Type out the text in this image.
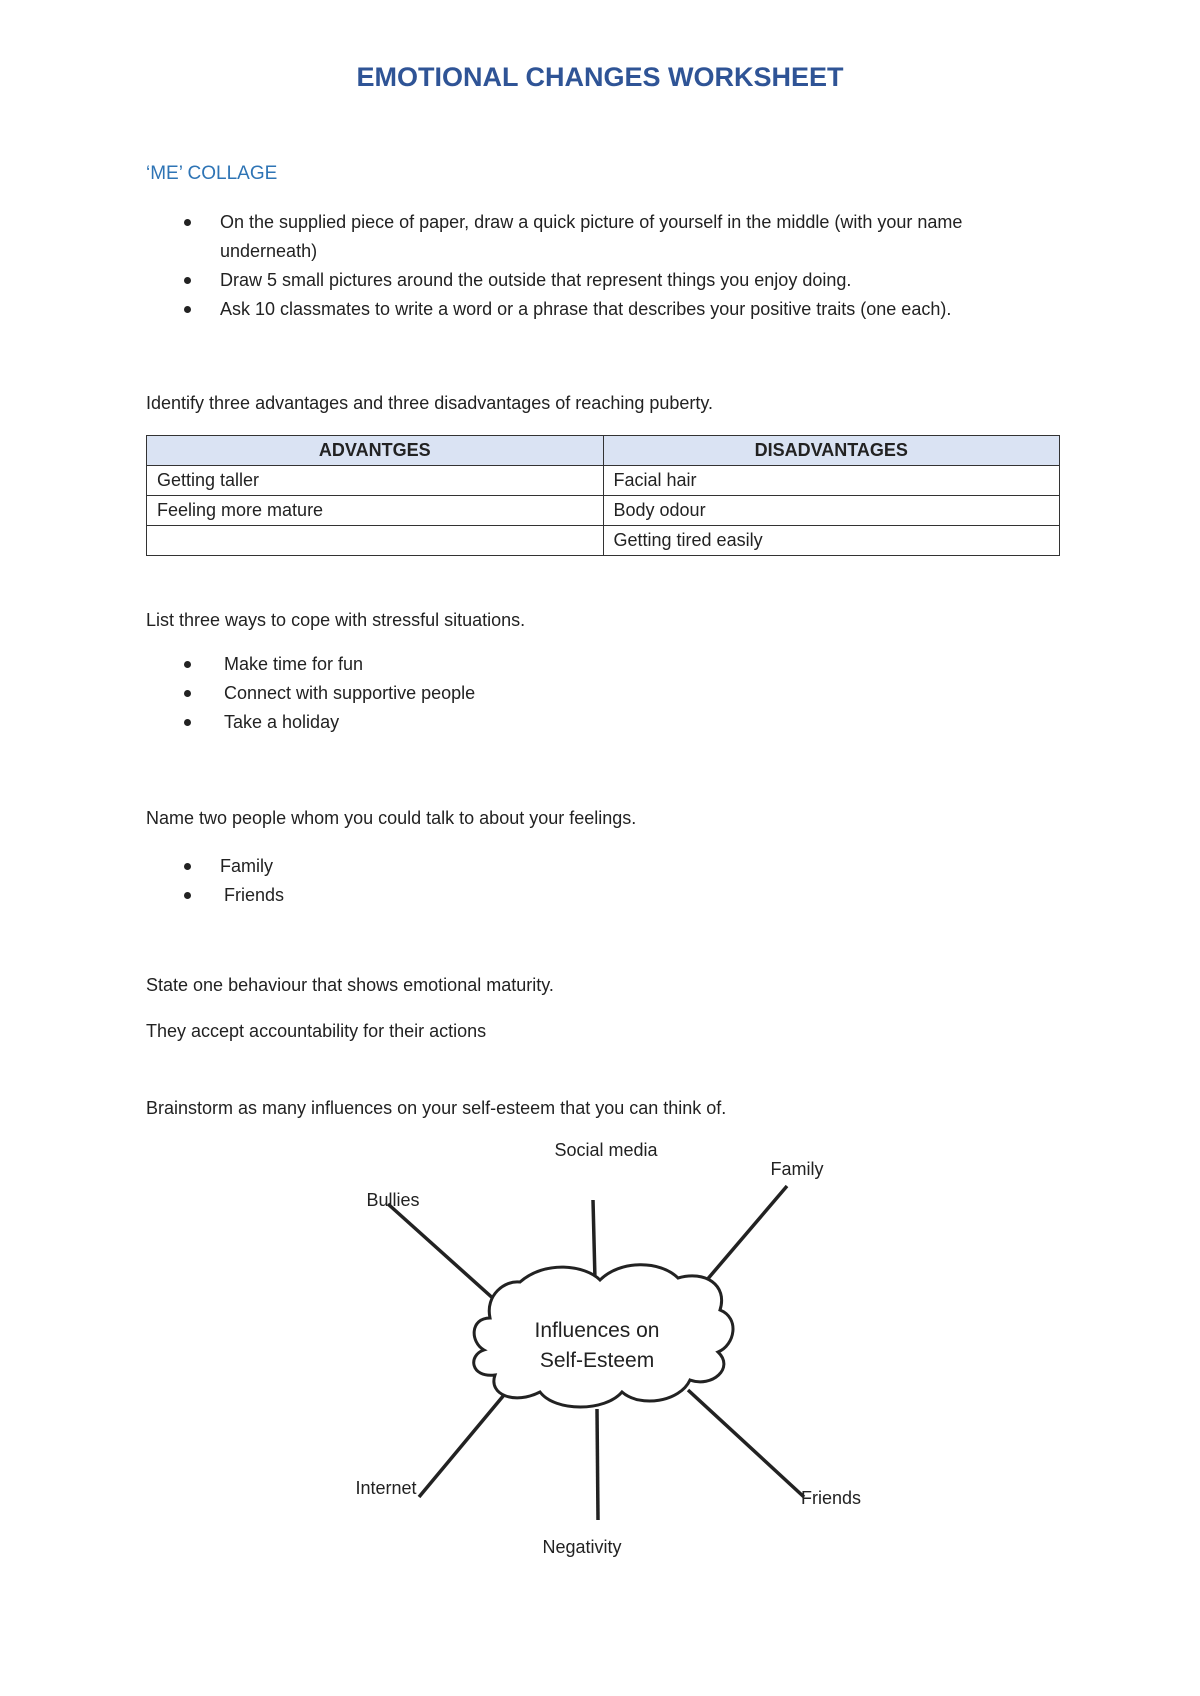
EMOTIONAL CHANGES WORKSHEET
‘ME’ COLLAGE
On the supplied piece of paper, draw a quick picture of yourself in the middle (with your name
underneath)
Draw 5 small pictures around the outside that represent things you enjoy doing.
Ask 10 classmates to write a word or a phrase that describes your positive traits (one each).
Identify three advantages and three disadvantages of reaching puberty.
ADVANTGES	DISADVANTAGES
Getting taller	Facial hair
Feeling more mature	Body odour
	Getting tired easily
List three ways to cope with stressful situations.
Make time for fun
Connect with supportive people
Take a holiday
Name two people whom you could talk to about your feelings.
Family
Friends
State one behaviour that shows emotional maturity.
They accept accountability for their actions
Brainstorm as many influences on your self-esteem that you can think of.
Influences on
Self-Esteem
Social media
Family
Bullies
Internet	Friends
Negativity
